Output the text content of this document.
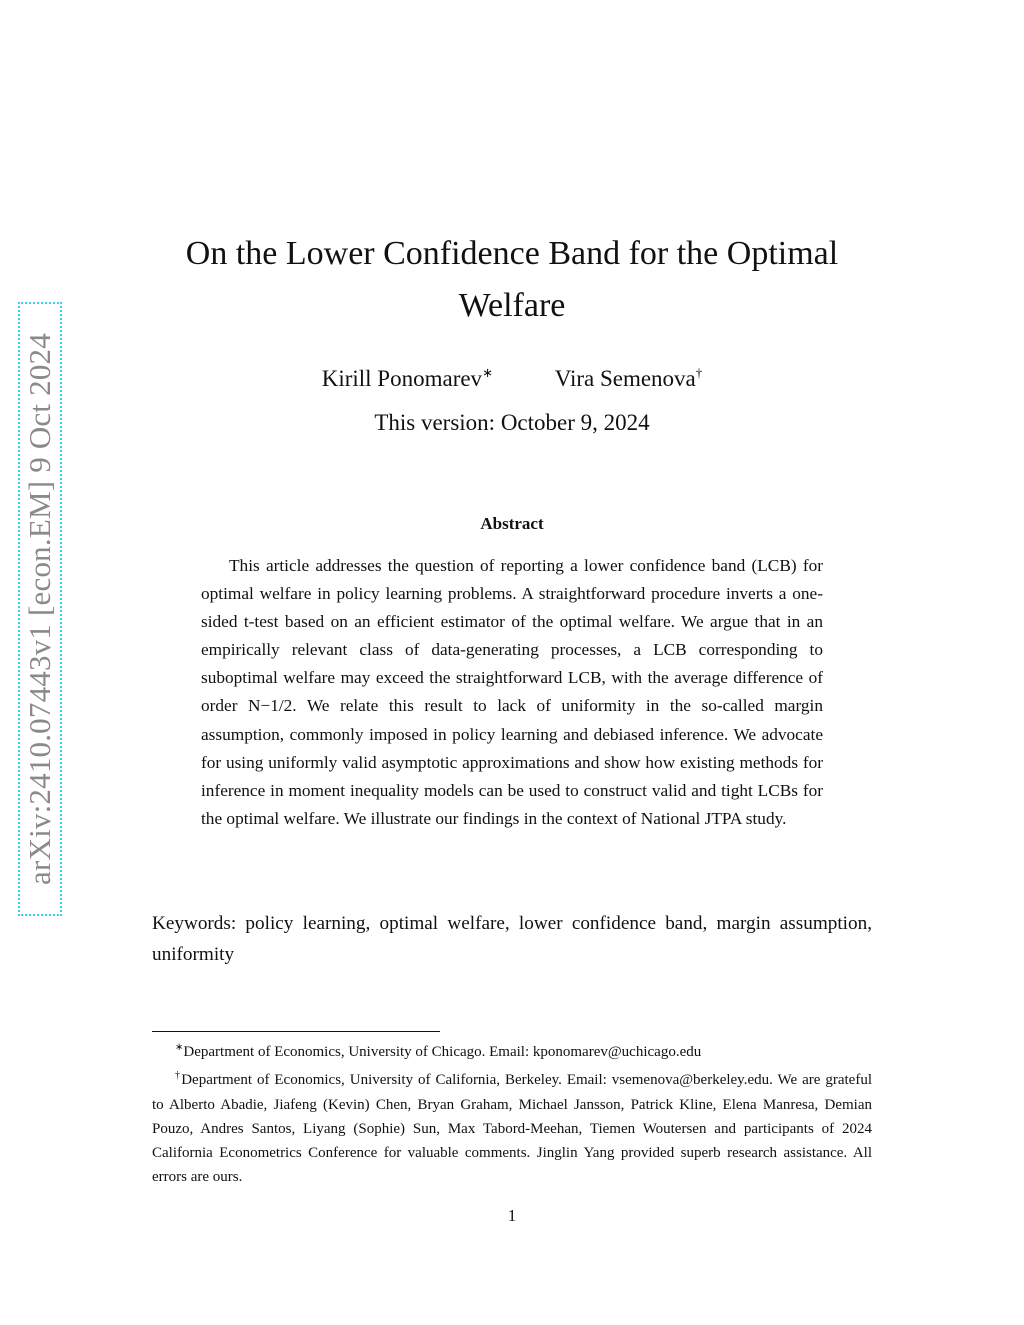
arXiv:2410.07443v1 [econ.EM] 9 Oct 2024
On the Lower Confidence Band for the Optimal Welfare
Kirill Ponomarev∗	Vira Semenova†
This version: October 9, 2024
Abstract
This article addresses the question of reporting a lower confidence band (LCB) for optimal welfare in policy learning problems. A straightforward procedure inverts a one-sided t-test based on an efficient estimator of the optimal welfare. We argue that in an empirically relevant class of data-generating processes, a LCB corresponding to suboptimal welfare may exceed the straightforward LCB, with the average difference of order N−1/2. We relate this result to lack of uniformity in the so-called margin assumption, commonly imposed in policy learning and debiased inference. We advocate for using uniformly valid asymptotic approximations and show how existing methods for inference in moment inequality models can be used to construct valid and tight LCBs for the optimal welfare. We illustrate our findings in the context of National JTPA study.
Keywords: policy learning, optimal welfare, lower confidence band, margin assumption, uniformity
∗Department of Economics, University of Chicago. Email: kponomarev@uchicago.edu
†Department of Economics, University of California, Berkeley. Email: vsemenova@berkeley.edu. We are grateful to Alberto Abadie, Jiafeng (Kevin) Chen, Bryan Graham, Michael Jansson, Patrick Kline, Elena Manresa, Demian Pouzo, Andres Santos, Liyang (Sophie) Sun, Max Tabord-Meehan, Tiemen Woutersen and participants of 2024 California Econometrics Conference for valuable comments. Jinglin Yang provided superb research assistance. All errors are ours.
1
